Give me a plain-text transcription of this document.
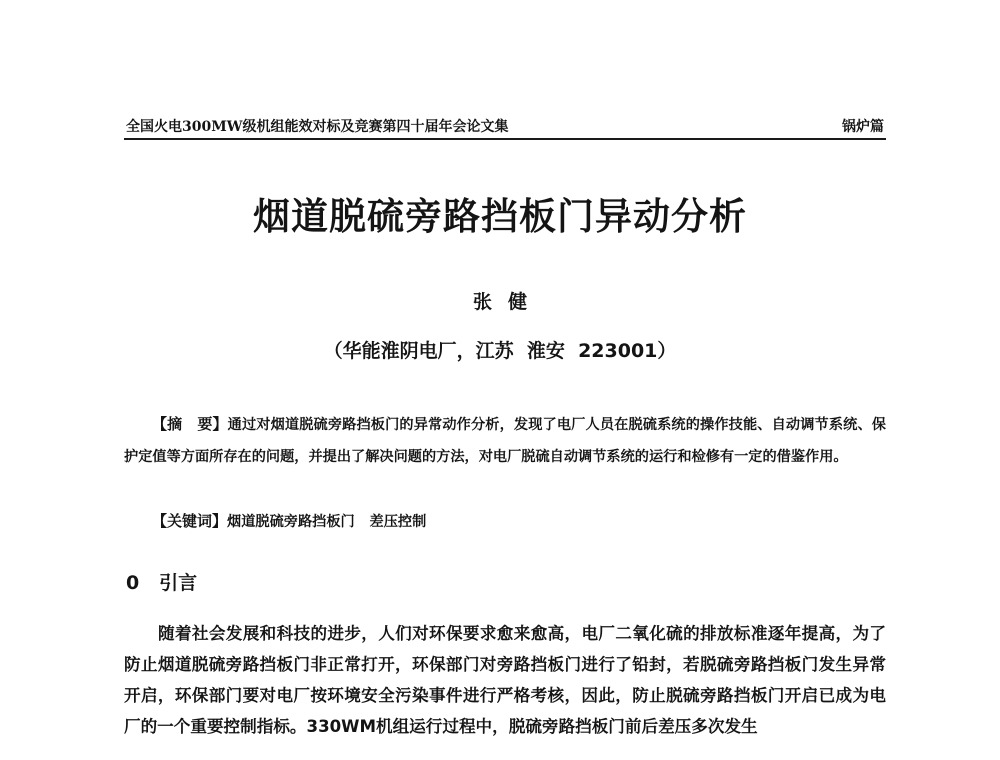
全国火电300MW级机组能效对标及竞赛第四十届年会论文集	锅炉篇
烟道脱硫旁路挡板门异动分析
张健
（华能淮阴电厂，江苏  淮安  223001）
【摘　要】通过对烟道脱硫旁路挡板门的异常动作分析，发现了电厂人员在脱硫系统的操作技能、自动调节系统、保护定值等方面所存在的问题，并提出了解决问题的方法，对电厂脱硫自动调节系统的运行和检修有一定的借鉴作用。
【关键词】烟道脱硫旁路挡板门   差压控制
0 引言
随着社会发展和科技的进步，人们对环保要求愈来愈高，电厂二氧化硫的排放标准逐年提高，为了防止烟道脱硫旁路挡板门非正常打开，环保部门对旁路挡板门进行了铅封，若脱硫旁路挡板门发生异常开启，环保部门要对电厂按环境安全污染事件进行严格考核，因此，防止脱硫旁路挡板门开启已成为电厂的一个重要控制指标。330WM机组运行过程中，脱硫旁路挡板门前后差压多次发生
